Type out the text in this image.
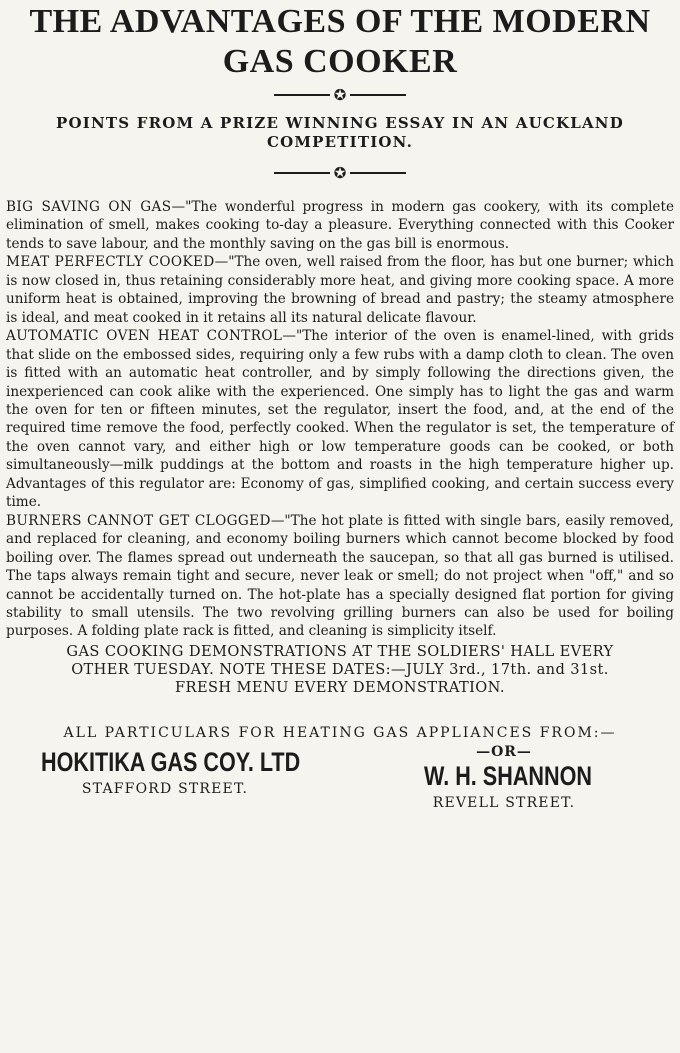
THE ADVANTAGES OF THE MODERN
GAS COOKER
✪
POINTS FROM A PRIZE WINNING ESSAY IN AN AUCKLAND
COMPETITION.
✪

BIG SAVING ON GAS—"The wonderful progress in modern gas cookery, with its complete elimination of smell, makes cooking to-day a pleasure. Everything connected with this Cooker tends to save labour, and the monthly saving on the gas bill is enormous.

MEAT PERFECTLY COOKED—"The oven, well raised from the floor, has but one burner; which is now closed in, thus retaining considerably more heat, and giving more cooking space. A more uniform heat is obtained, improving the browning of bread and pastry; the steamy atmosphere is ideal, and meat cooked in it retains all its natural delicate flavour.

AUTOMATIC OVEN HEAT CONTROL—"The interior of the oven is enamel-lined, with grids that slide on the embossed sides, requiring only a few rubs with a damp cloth to clean. The oven is fitted with an automatic heat controller, and by simply following the directions given, the inexperienced can cook alike with the experienced. One simply has to light the gas and warm the oven for ten or fifteen minutes, set the regulator, insert the food, and, at the end of the required time remove the food, perfectly cooked. When the regulator is set, the temperature of the oven cannot vary, and either high or low temperature goods can be cooked, or both simultaneously—milk puddings at the bottom and roasts in the high temperature higher up. Advantages of this regulator are: Economy of gas, simplified cooking, and certain success every time.

BURNERS CANNOT GET CLOGGED—"The hot plate is fitted with single bars, easily removed, and replaced for cleaning, and economy boiling burners which cannot become blocked by food boiling over. The flames spread out underneath the saucepan, so that all gas burned is utilised. The taps always remain tight and secure, never leak or smell; do not project when "off," and so cannot be accidentally turned on. The hot-plate has a specially designed flat portion for giving stability to small utensils. The two revolving grilling burners can also be used for boiling purposes. A folding plate rack is fitted, and cleaning is simplicity itself.

GAS COOKING DEMONSTRATIONS AT THE SOLDIERS' HALL EVERY
OTHER TUESDAY. NOTE THESE DATES:—JULY 3rd., 17th. and 31st.
FRESH MENU EVERY DEMONSTRATION.

ALL PARTICULARS FOR HEATING GAS APPLIANCES FROM:—

HOKITIKA GAS COY. LTD
STAFFORD STREET.
—OR—
W. H. SHANNON
REVELL STREET.
